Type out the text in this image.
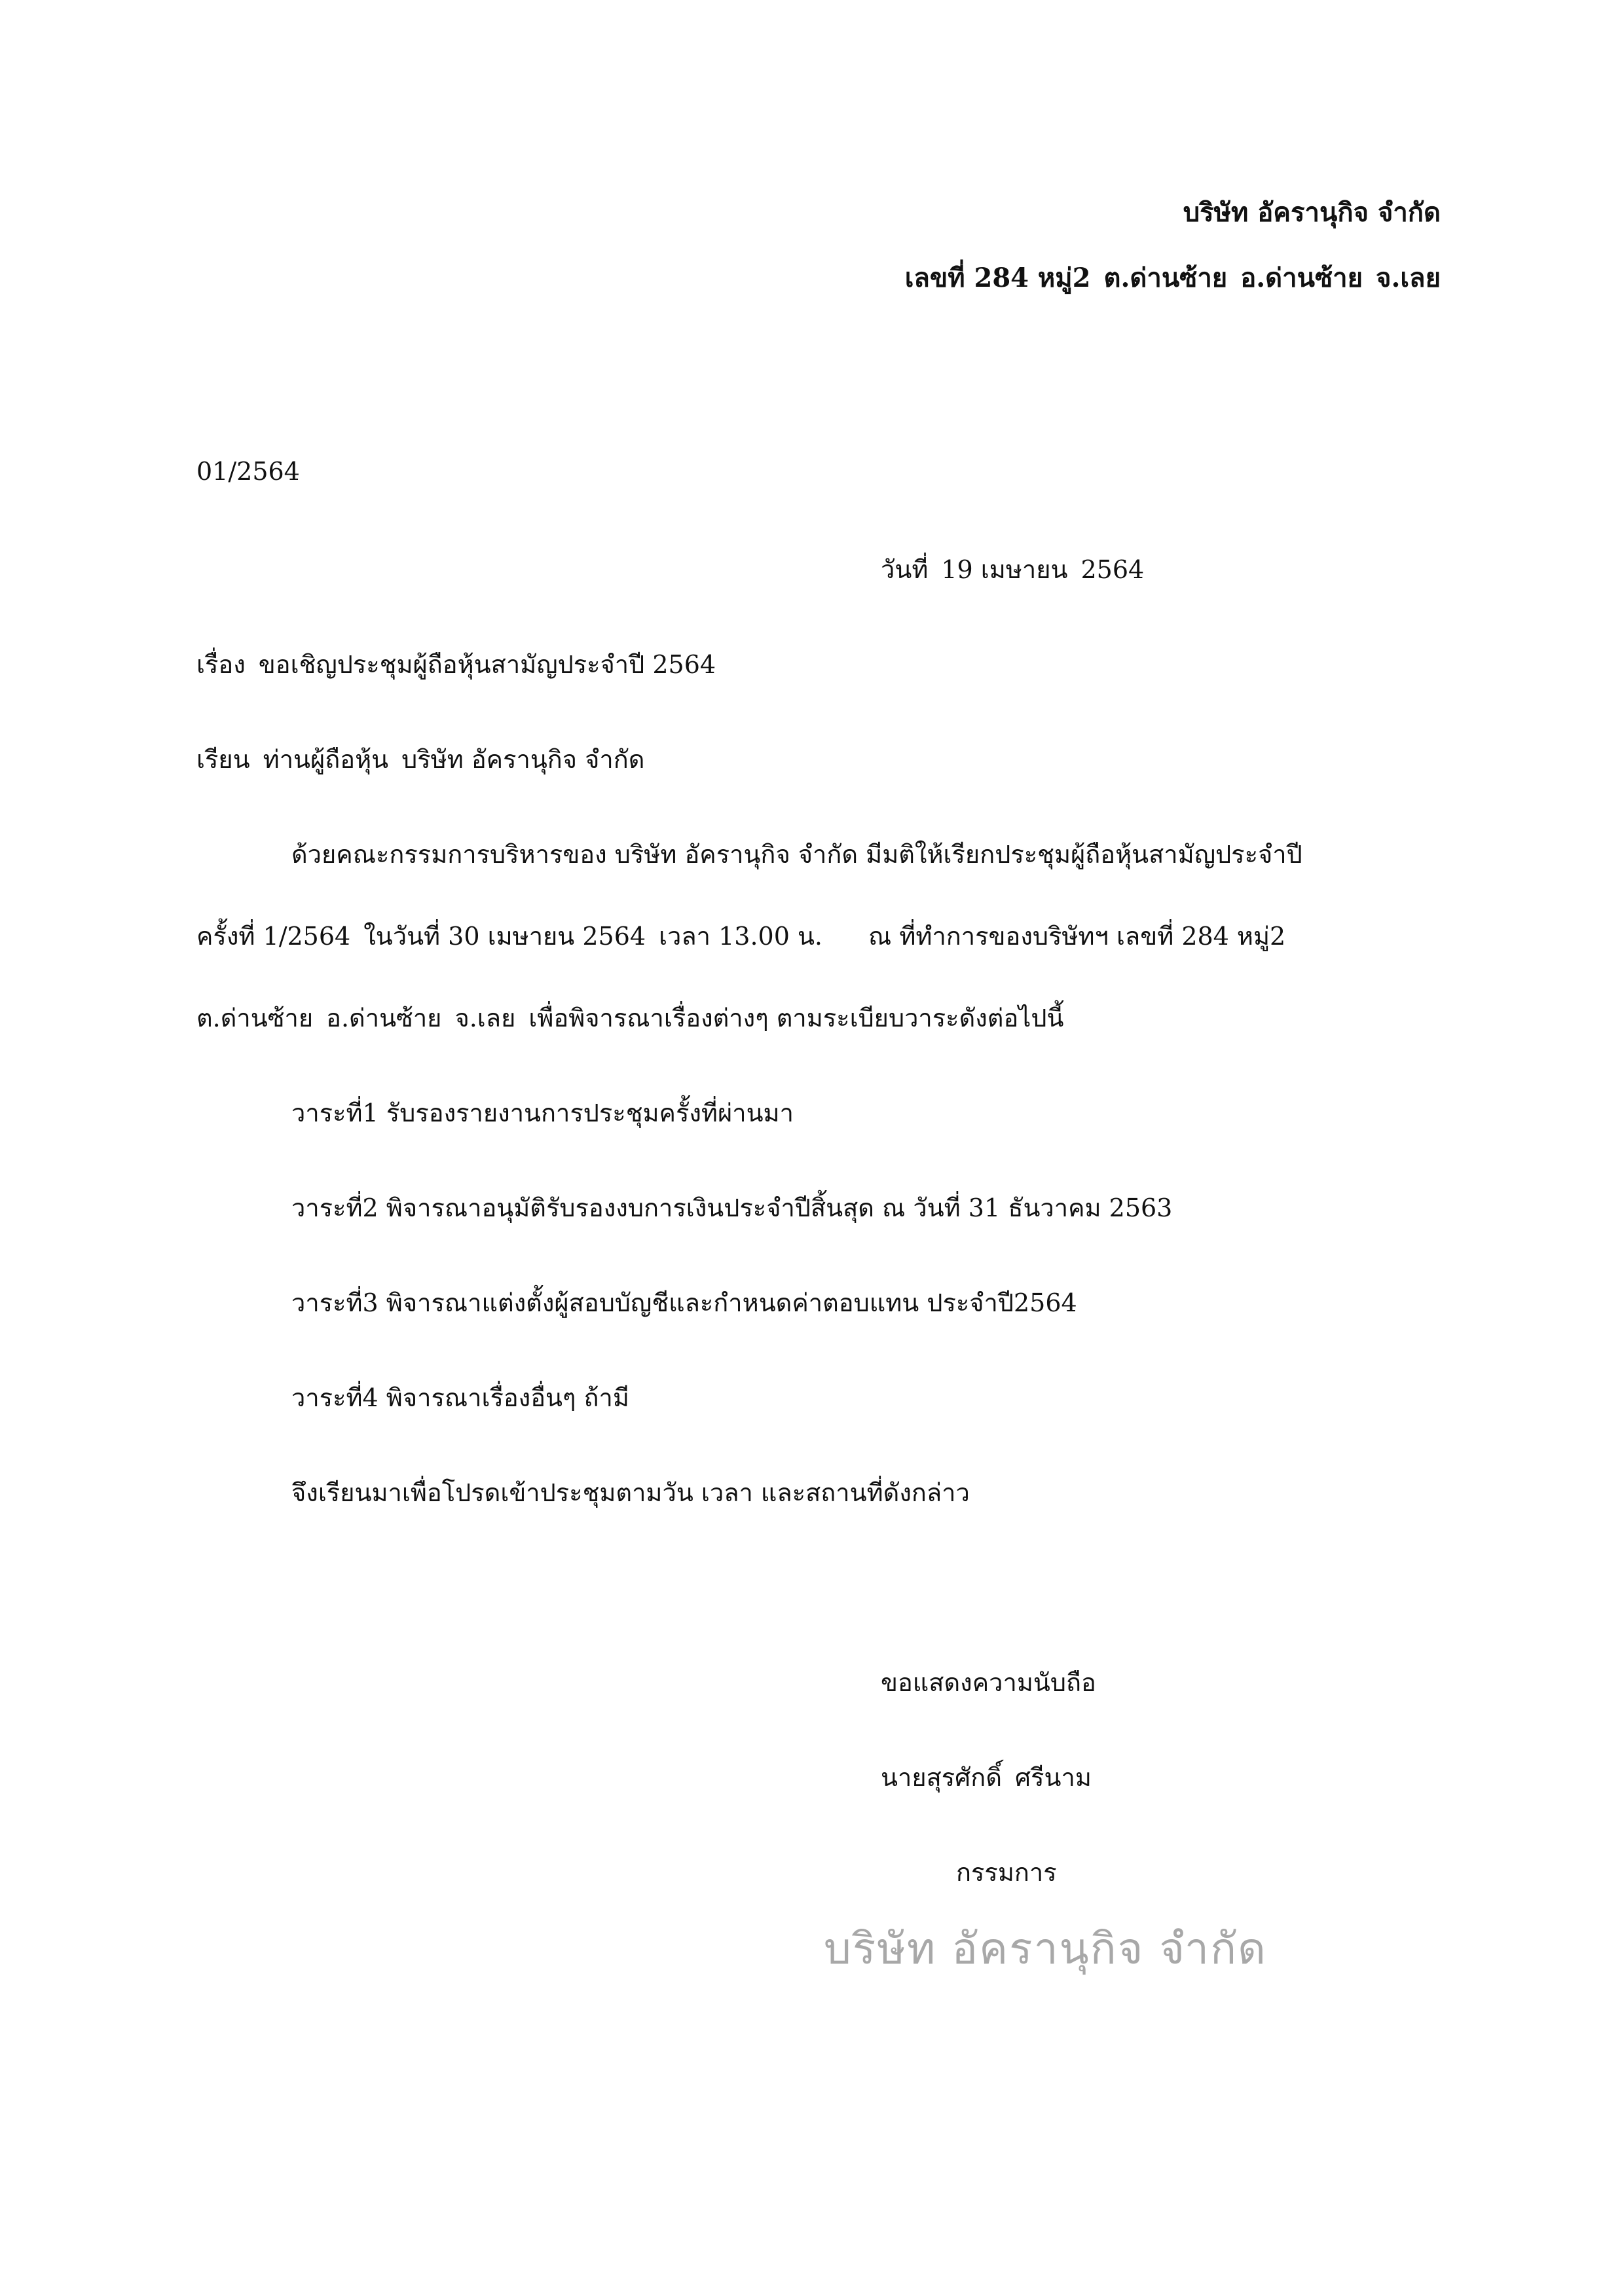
บริษัท อัครานุกิจ จำกัด
เลขที่ 284 หมู่2 ต.ด่านซ้าย อ.ด่านซ้าย จ.เลย
01/2564
วันที่ 19 เมษายน 2564
เรื่อง ขอเชิญประชุมผู้ถือหุ้นสามัญประจำปี 2564
เรียน ท่านผู้ถือหุ้น บริษัท อัครานุกิจ จำกัด
ด้วยคณะกรรมการบริหารของ บริษัท อัครานุกิจ จำกัด มีมติให้เรียกประชุมผู้ถือหุ้นสามัญประจำปี
ครั้งที่ 1/2564 ในวันที่ 30 เมษายน 2564 เวลา 13.00 น. ณ ที่ทำการของบริษัทฯ เลขที่ 284 หมู่2
ต.ด่านซ้าย อ.ด่านซ้าย จ.เลย เพื่อพิจารณาเรื่องต่างๆ ตามระเบียบวาระดังต่อไปนี้
วาระที่1 รับรองรายงานการประชุมครั้งที่ผ่านมา
วาระที่2 พิจารณาอนุมัติรับรองงบการเงินประจำปีสิ้นสุด ณ วันที่ 31 ธันวาคม 2563
วาระที่3 พิจารณาแต่งตั้งผู้สอบบัญชีและกำหนดค่าตอบแทน ประจำปี2564
วาระที่4 พิจารณาเรื่องอื่นๆ ถ้ามี
จึงเรียนมาเพื่อโปรดเข้าประชุมตามวัน เวลา และสถานที่ดังกล่าว
ขอแสดงความนับถือ
นายสุรศักดิ์ ศรีนาม
กรรมการ
บริษัท อัครานุกิจ จำกัด
